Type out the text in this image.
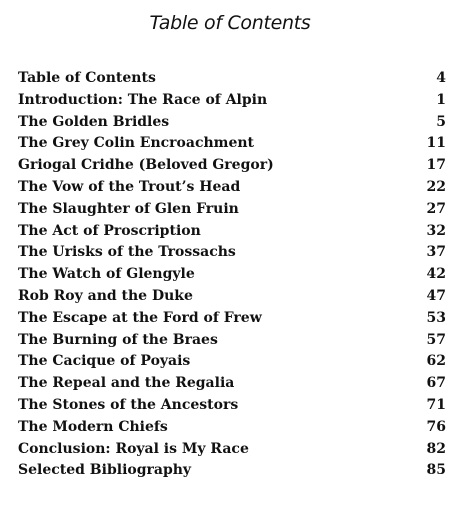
Table of Contents
Table of Contents	4
Introduction: The Race of Alpin	1
The Golden Bridles	5
The Grey Colin Encroachment	11
Griogal Cridhe (Beloved Gregor)	17
The Vow of the Trout’s Head	22
The Slaughter of Glen Fruin	27
The Act of Proscription	32
The Urisks of the Trossachs	37
The Watch of Glengyle	42
Rob Roy and the Duke	47
The Escape at the Ford of Frew	53
The Burning of the Braes	57
The Cacique of Poyais	62
The Repeal and the Regalia	67
The Stones of the Ancestors	71
The Modern Chiefs	76
Conclusion: Royal is My Race	82
Selected Bibliography	85
